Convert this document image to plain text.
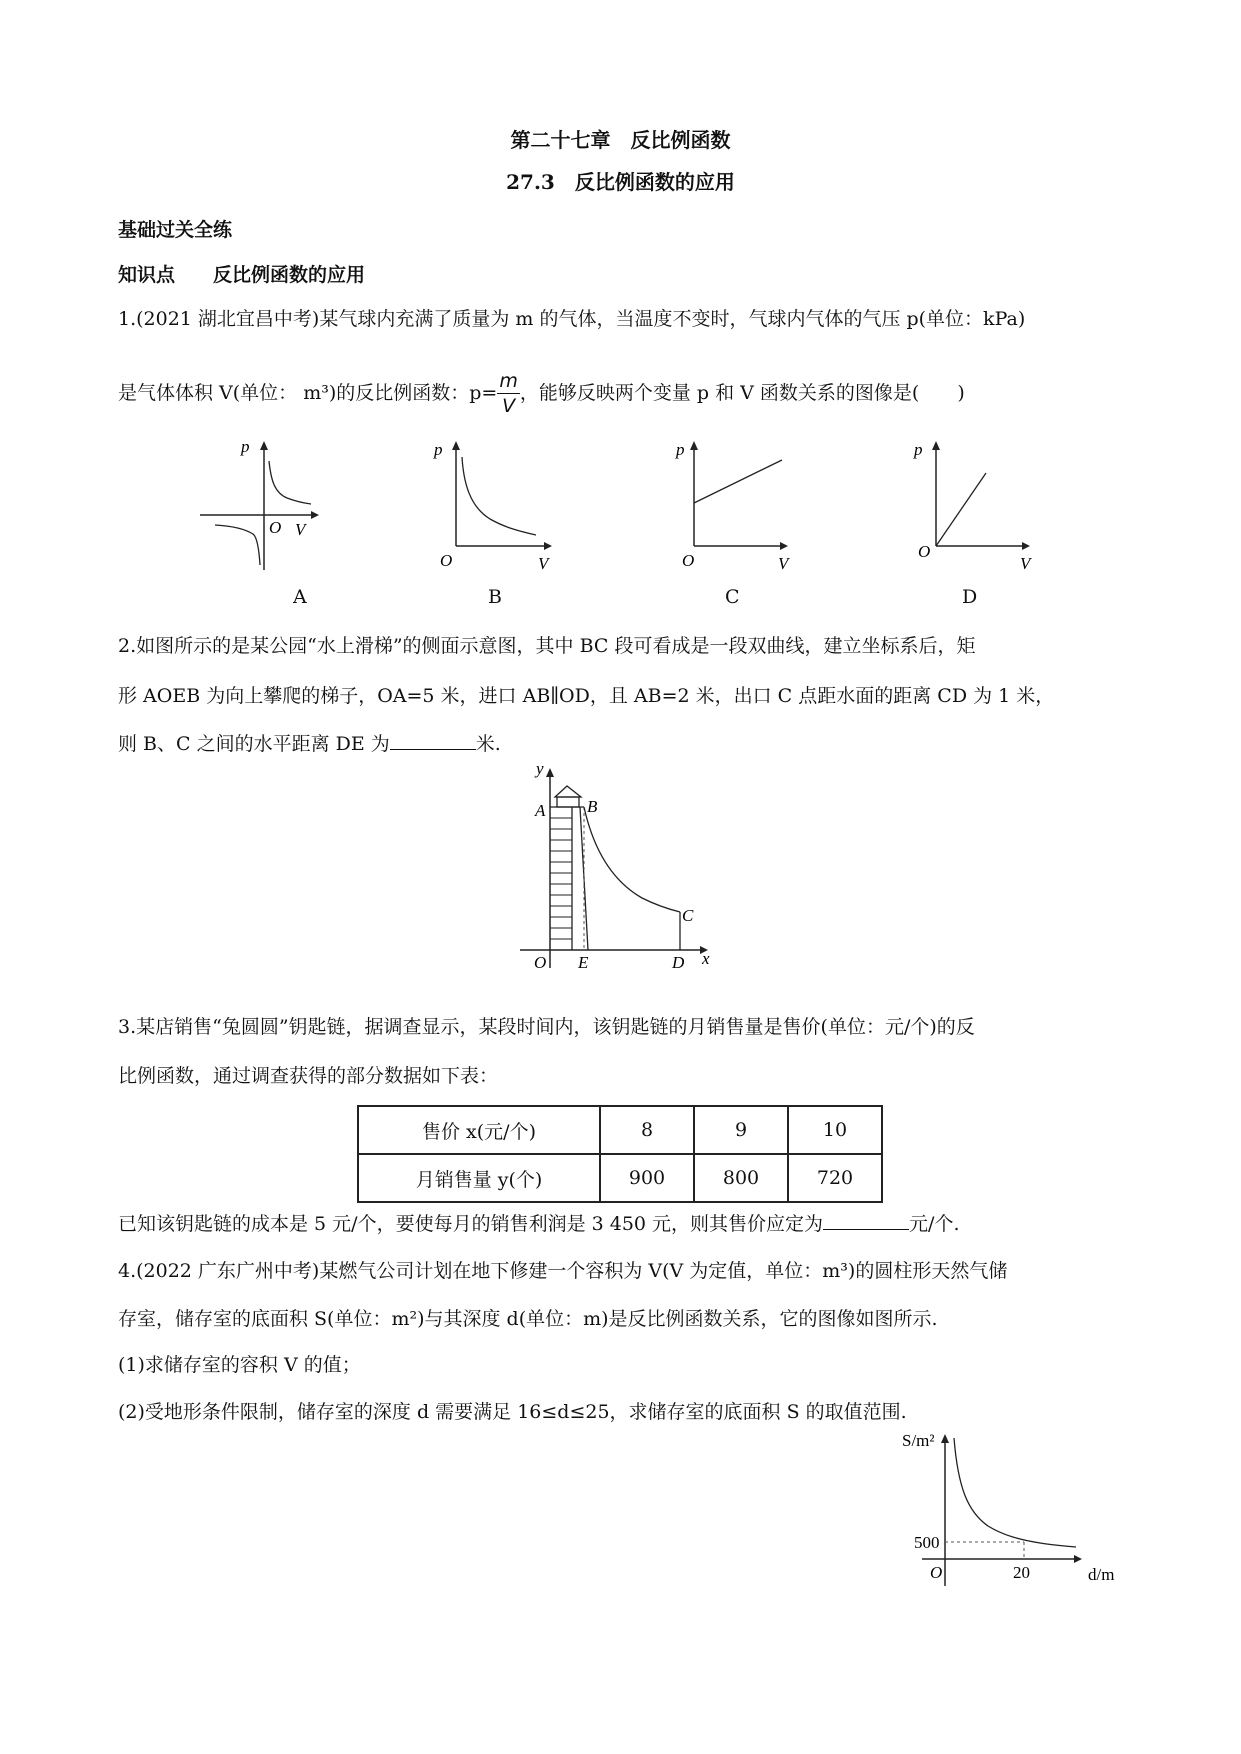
第二十七章　反比例函数
27.3　反比例函数的应用
基础过关全练
知识点　　反比例函数的应用
1.(2021 湖北宜昌中考)某气球内充满了质量为 m 的气体，当温度不变时，气球内气体的气压 p(单位：kPa)
是气体体积 V(单位： m³)的反比例函数：$p= \frac{m}{V}$ ，能够反映两个变量 p 和 V 函数关系的图像是(　　)
p
O V
A
p
O	V
B
p
O	V
C
p
O
V
D
2.如图所示的是某公园“水上滑梯”的侧面示意图，其中 BC 段可看成是一段双曲线，建立坐标系后，矩
形 AOEB 为向上攀爬的梯子，OA=5 米，进口 AB∥OD，且 AB=2 米，出口 C 点距水面的距离 CD 为 1 米，
则 B、C 之间的水平距离 DE 为	米.
y
A B
C
O E	D x
3.某店销售“兔圆圆”钥匙链，据调查显示，某段时间内，该钥匙链的月销售量是售价(单位：元/个)的反
比例函数，通过调查获得的部分数据如下表：
售价 x(元/个)	8	9	10
月销售量 y(个)	900	800	720
已知该钥匙链的成本是 5 元/个，要使每月的销售利润是 3 450 元，则其售价应定为	元/个.
4.(2022 广东广州中考)某燃气公司计划在地下修建一个容积为 V(V 为定值，单位：m³)的圆柱形天然气储
存室，储存室的底面积 S(单位：m²)与其深度 d(单位：m)是反比例函数关系，它的图像如图所示.
(1)求储存室的容积 V 的值；
(2)受地形条件限制，储存室的深度 d 需要满足 16≤d≤25，求储存室的底面积 S 的取值范围.
S/m²
500
O	20	d/m
